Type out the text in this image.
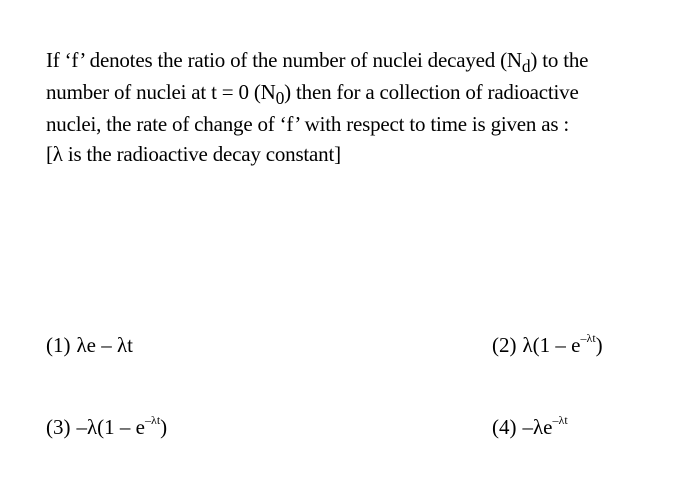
If ‘f’ denotes the ratio of the number of nuclei decayed $(N_d)$ to the

number of nuclei at t = 0 $(N_0)$ then for a collection of radioactive

nuclei, the rate of change of ‘f’ with respect to time is given as :

[λ is the radioactive decay constant]
(1) λe – λt	(2) $\lambda(1 - e^{-\lambda t})$
(3) $-\lambda(1 - e^{-\lambda t})$	(4) $-\lambda e^{-\lambda t}$
